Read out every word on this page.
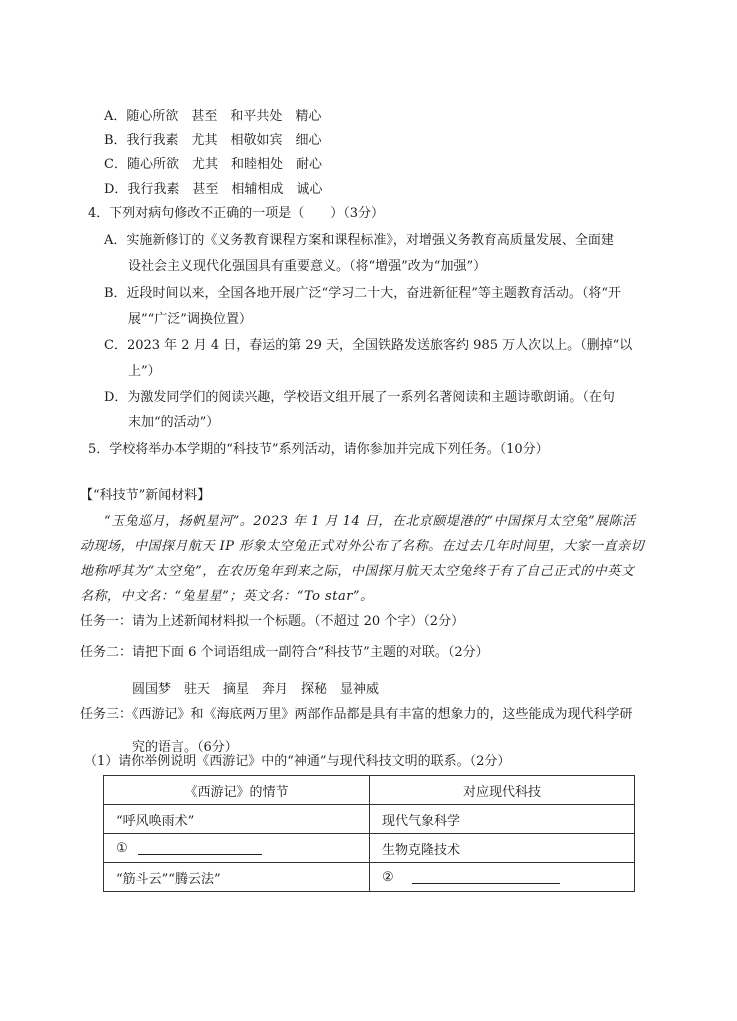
A．随心所欲　甚至　和平共处　精心
B．我行我素　尤其　相敬如宾　细心
C．随心所欲　尤其　和睦相处　耐心
D．我行我素　甚至　相辅相成　诚心
4．下列对病句修改不正确的一项是（　　）（3分）
A．实施新修订的《义务教育课程方案和课程标准》，对增强义务教育高质量发展、全面建
设社会主义现代化强国具有重要意义。（将“增强”改为“加强”）
B．近段时间以来，全国各地开展广泛“学习二十大，奋进新征程”等主题教育活动。（将“开
展”“广泛”调换位置）
C．2023 年 2 月 4 日，春运的第 29 天，全国铁路发送旅客约 985 万人次以上。（删掉“以
上”）
D．为激发同学们的阅读兴趣，学校语文组开展了一系列名著阅读和主题诗歌朗诵。（在句
末加“的活动”）
5．学校将举办本学期的“科技节”系列活动，请你参加并完成下列任务。（10分）
【“科技节”新闻材料】
“玉兔巡月，扬帆星河”。2023 年 1 月 14 日，在北京颐堤港的“中国探月太空兔”展陈活
动现场，中国探月航天 IP 形象太空兔正式对外公布了名称。在过去几年时间里，大家一直亲切
地称呼其为“太空兔”，在农历兔年到来之际，中国探月航天太空兔终于有了自己正式的中英文
名称，中文名：“兔星星”；英文名：“To star”。
任务一：请为上述新闻材料拟一个标题。（不超过 20 个字）（2分）
任务二：请把下面 6 个词语组成一副符合“科技节”主题的对联。（2分）
圆国梦　驻天　摘星　奔月　探秘　显神威
任务三：《西游记》和《海底两万里》两部作品都是具有丰富的想象力的，这些能成为现代科学研
究的语言。（6分）
（1）请你举例说明《西游记》中的“神通”与现代科技文明的联系。（2分）
《西游记》的情节	对应现代科技
“呼风唤雨术”	现代气象科学
①	生物克隆技术
“筋斗云”“腾云法”	②
